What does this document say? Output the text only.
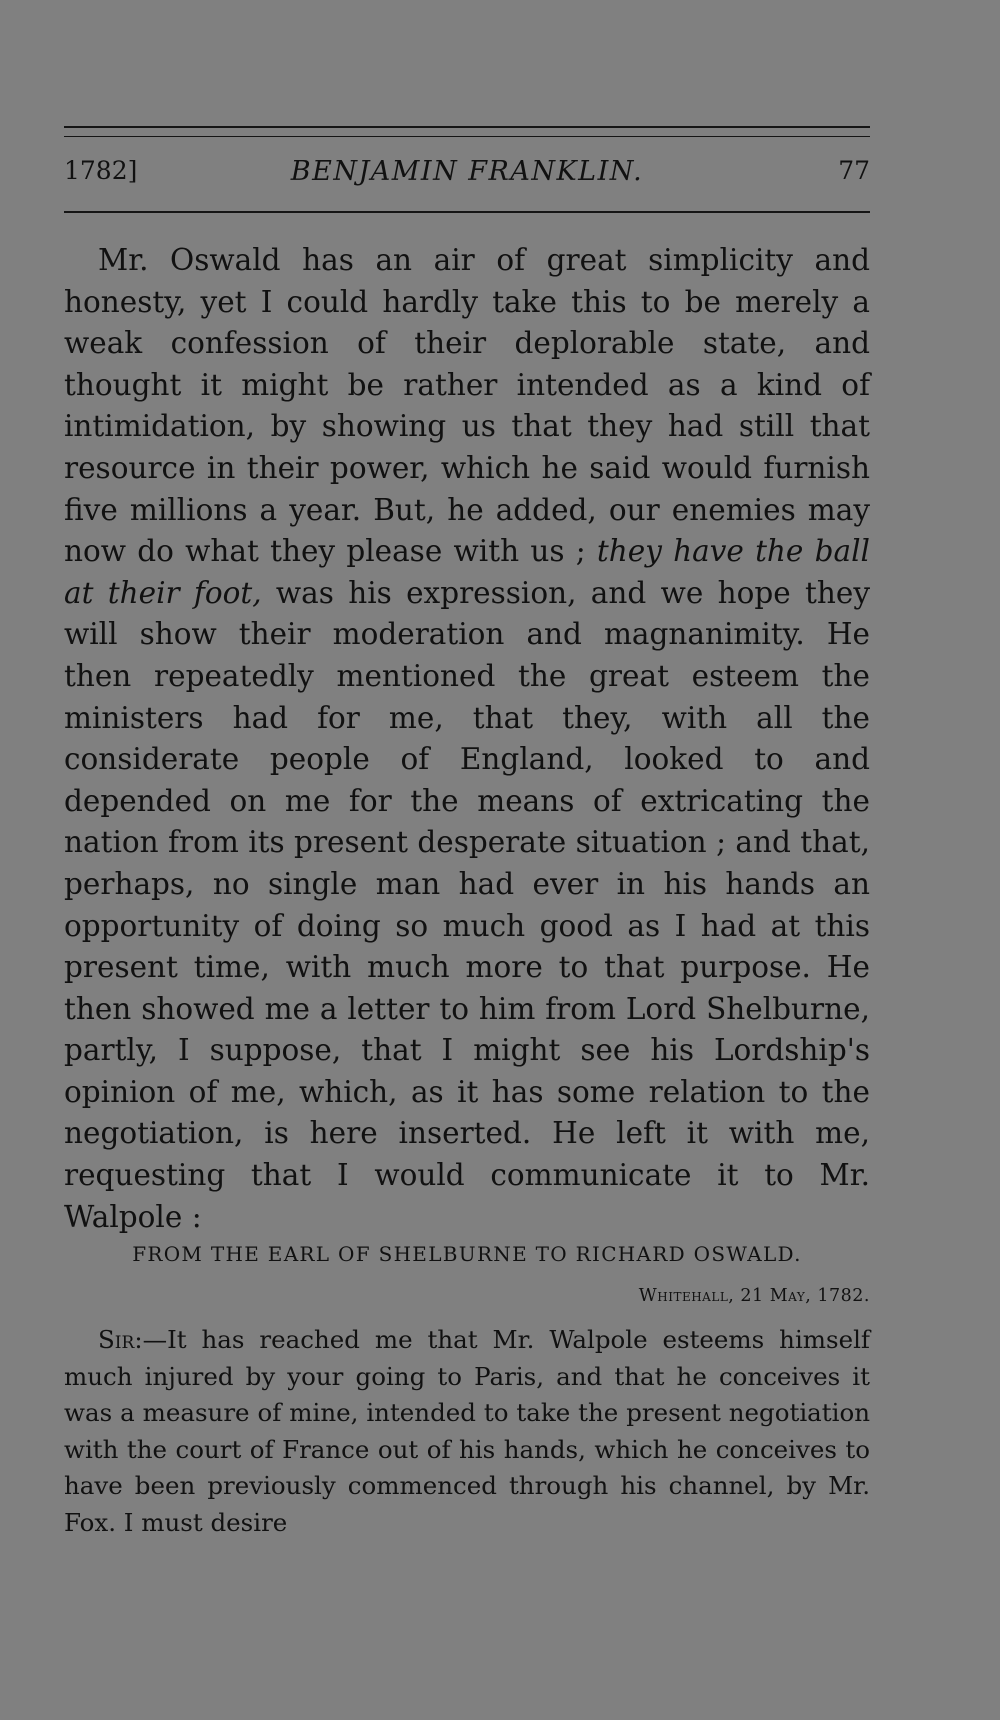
1782]	BENJAMIN FRANKLIN.	77

Mr. Oswald has an air of great simplicity and honesty, yet I could hardly take this to be merely a weak confession of their deplorable state, and thought it might be rather intended as a kind of intimidation, by showing us that they had still that resource in their power, which he said would furnish five millions a year. But, he added, our enemies may now do what they please with us ; they have the ball at their foot, was his expression, and we hope they will show their moderation and magnanimity. He then repeatedly mentioned the great esteem the ministers had for me, that they, with all the considerate people of England, looked to and depended on me for the means of extricating the nation from its present desperate situation ; and that, perhaps, no single man had ever in his hands an opportunity of doing so much good as I had at this present time, with much more to that purpose. He then showed me a letter to him from Lord Shelburne, partly, I suppose, that I might see his Lordship's opinion of me, which, as it has some relation to the negotiation, is here inserted. He left it with me, requesting that I would communicate it to Mr. Walpole :

FROM THE EARL OF SHELBURNE TO RICHARD OSWALD.
Whitehall, 21 May, 1782.

Sir:—It has reached me that Mr. Walpole esteems himself much injured by your going to Paris, and that he conceives it was a measure of mine, intended to take the present negotiation with the court of France out of his hands, which he conceives to have been previously commenced through his channel, by Mr. Fox. I must desire
